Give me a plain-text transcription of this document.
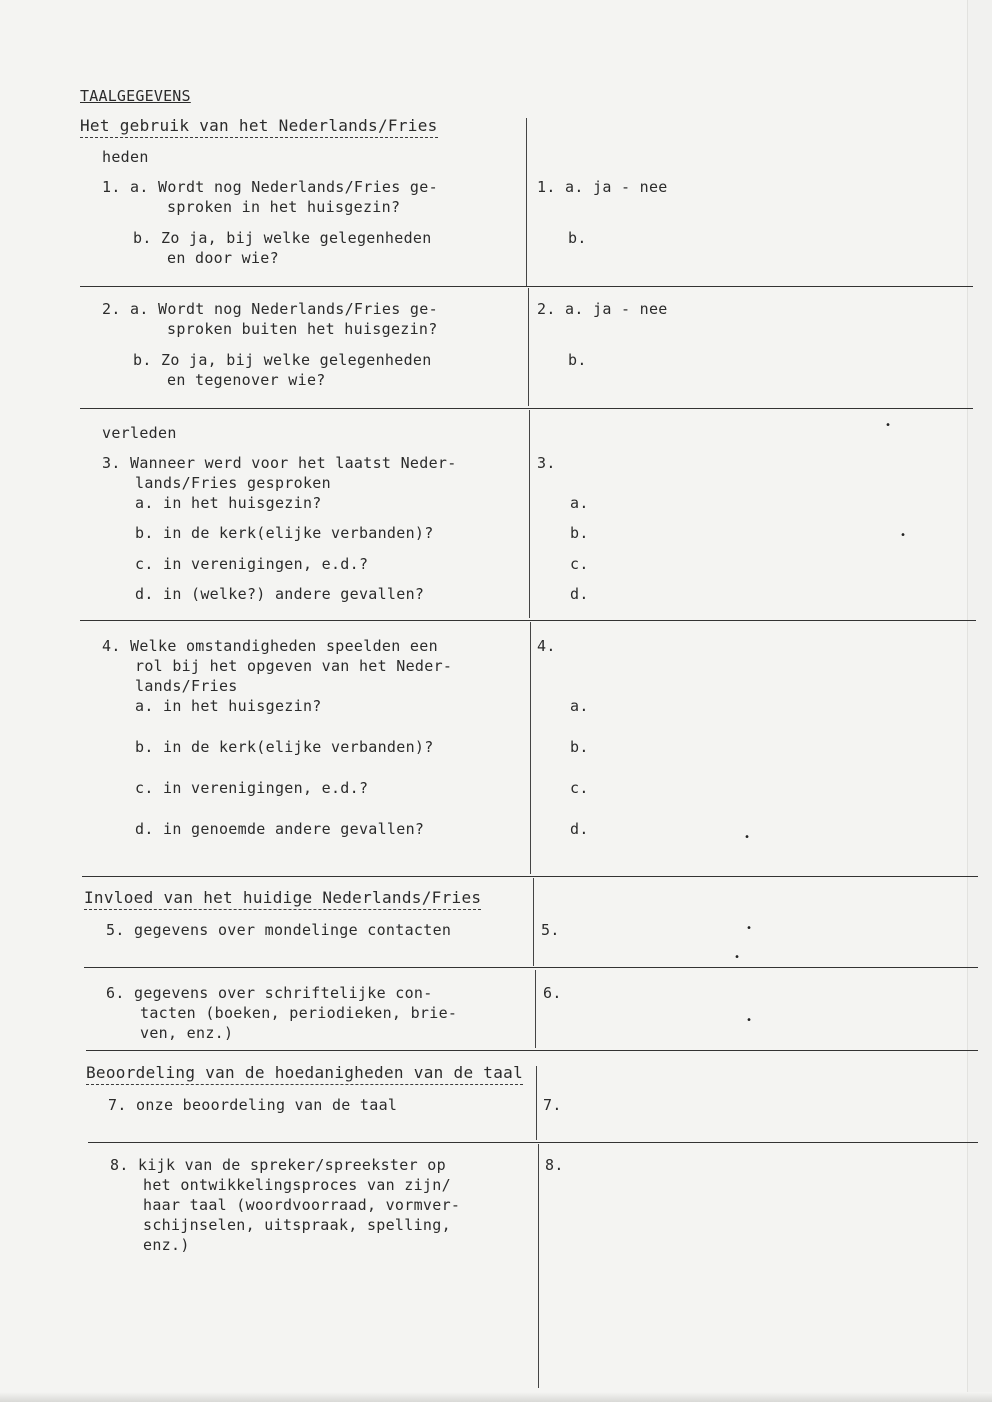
TAALGEGEVENS
Het gebruik van het Nederlands/Fries
heden
1. a. Wordt nog Nederlands/Fries ge-
sproken in het huisgezin?
b. Zo ja, bij welke gelegenheden
en door wie?
1. a. ja - nee
b.
2. a. Wordt nog Nederlands/Fries ge-
sproken buiten het huisgezin?
b. Zo ja, bij welke gelegenheden
en tegenover wie?
2. a. ja - nee
b.
verleden
3. Wanneer werd voor het laatst Neder-
lands/Fries gesproken
a. in het huisgezin?
b. in de kerk(elijke verbanden)?
c. in verenigingen, e.d.?
d. in (welke?) andere gevallen?
3.
a.
b.
c.
d.
4. Welke omstandigheden speelden een
rol bij het opgeven van het Neder-
lands/Fries
a. in het huisgezin?
b. in de kerk(elijke verbanden)?
c. in verenigingen, e.d.?
d. in genoemde andere gevallen?
4.
a.
b.
c.
d.
Invloed van het huidige Nederlands/Fries
5. gegevens over mondelinge contacten	5.
6. gegevens over schriftelijke con-
tacten (boeken, periodieken, brie-
ven, enz.)
6.
Beoordeling van de hoedanigheden van de taal
7. onze beoordeling van de taal	7.
8. kijk van de spreker/spreekster op
het ontwikkelingsproces van zijn/
haar taal (woordvoorraad, vormver-
schijnselen, uitspraak, spelling,
enz.)
8.
•
•
•
•
•
•
